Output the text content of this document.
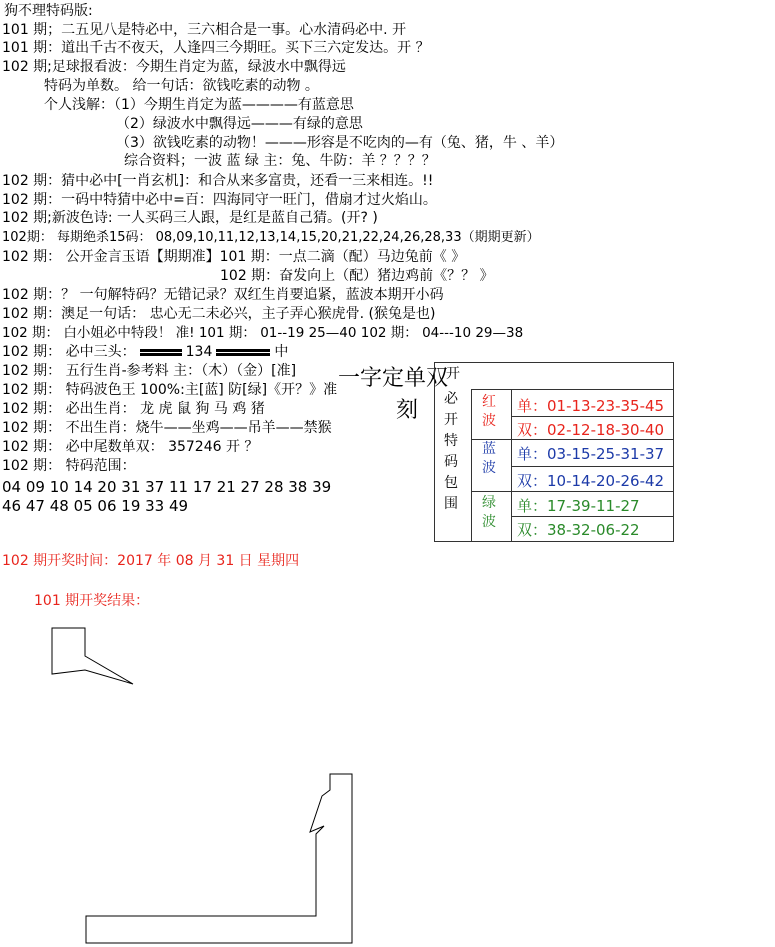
狗不理特码版:
101 期；二五见八是特必中，三六相合是一事。心水清码必中. 开
101 期：道出千古不夜天，人逢四三今期旺。买下三六定发达。开 ？
102 期;足球报看波：今期生肖定为蓝，绿波水中飘得远
特码为单数。 给一句话：欲钱吃素的动物 。
个人浅解：（1）今期生肖定为蓝————有蓝意思
（2）绿波水中飘得远———有绿的意思
（3）欲钱吃素的动物！———形容是不吃肉的—有（兔、猪，牛 、羊）
综合资料；一波 蓝 绿 主：兔、牛防：羊 ？？？？
102 期：猜中必中[一肖玄机]：和合从来多富贵，还看一三来相连。!!
102 期：一码中特猜中必中=百：四海同守一旺门，借扇才过火焰山。
102 期;新波色诗: 一人买码三人跟，是红是蓝自己猜。(开? )
102期： 每期绝杀15码： 08,09,10,11,12,13,14,15,20,21,22,24,26,28,33（期期更新）
102 期： 公开金言玉语【期期准】101 期：一点二滴（配）马边兔前《 》
102 期：奋发向上（配）猪边鸡前《？？ 》
102 期：？ 一句解特码？无错记录？双红生肖要追紧，蓝波本期开小码
102 期：澳足一句话： 忠心无二未必兴，主子弄心猴虎骨. (猴兔是也)
102 期： 白小姐必中特段！ 准! 101 期： 01--19 25—40 102 期： 04---10 29—38
102 期： 必中三头：	134	中
102 期： 五行生肖-参考料 主：（木）（金）[准]
102 期： 特码波色王 100%:主[蓝] 防[绿]《开？》准
102 期： 必出生肖： 龙 虎 鼠 狗 马 鸡 猪
102 期： 不出生肖：烧牛——坐鸡——吊羊——禁猴
102 期： 必中尾数单双： 357246 开 ？
102 期： 特码范围：
04 09 10 14 20 31 37 11 17 21 27 28 38 39
46 47 48 05 06 19 33 49
102 期开奖时间：2017 年 08 月 31 日 星期四
101 期开奖结果：
一字定单双
刻
开
必
开
特
码
包
围
红
波
单：01-13-23-35-45
双：02-12-18-30-40
蓝
波
单：03-15-25-31-37
双：10-14-20-26-42
绿
波
单：17-39-11-27
双：38-32-06-22
